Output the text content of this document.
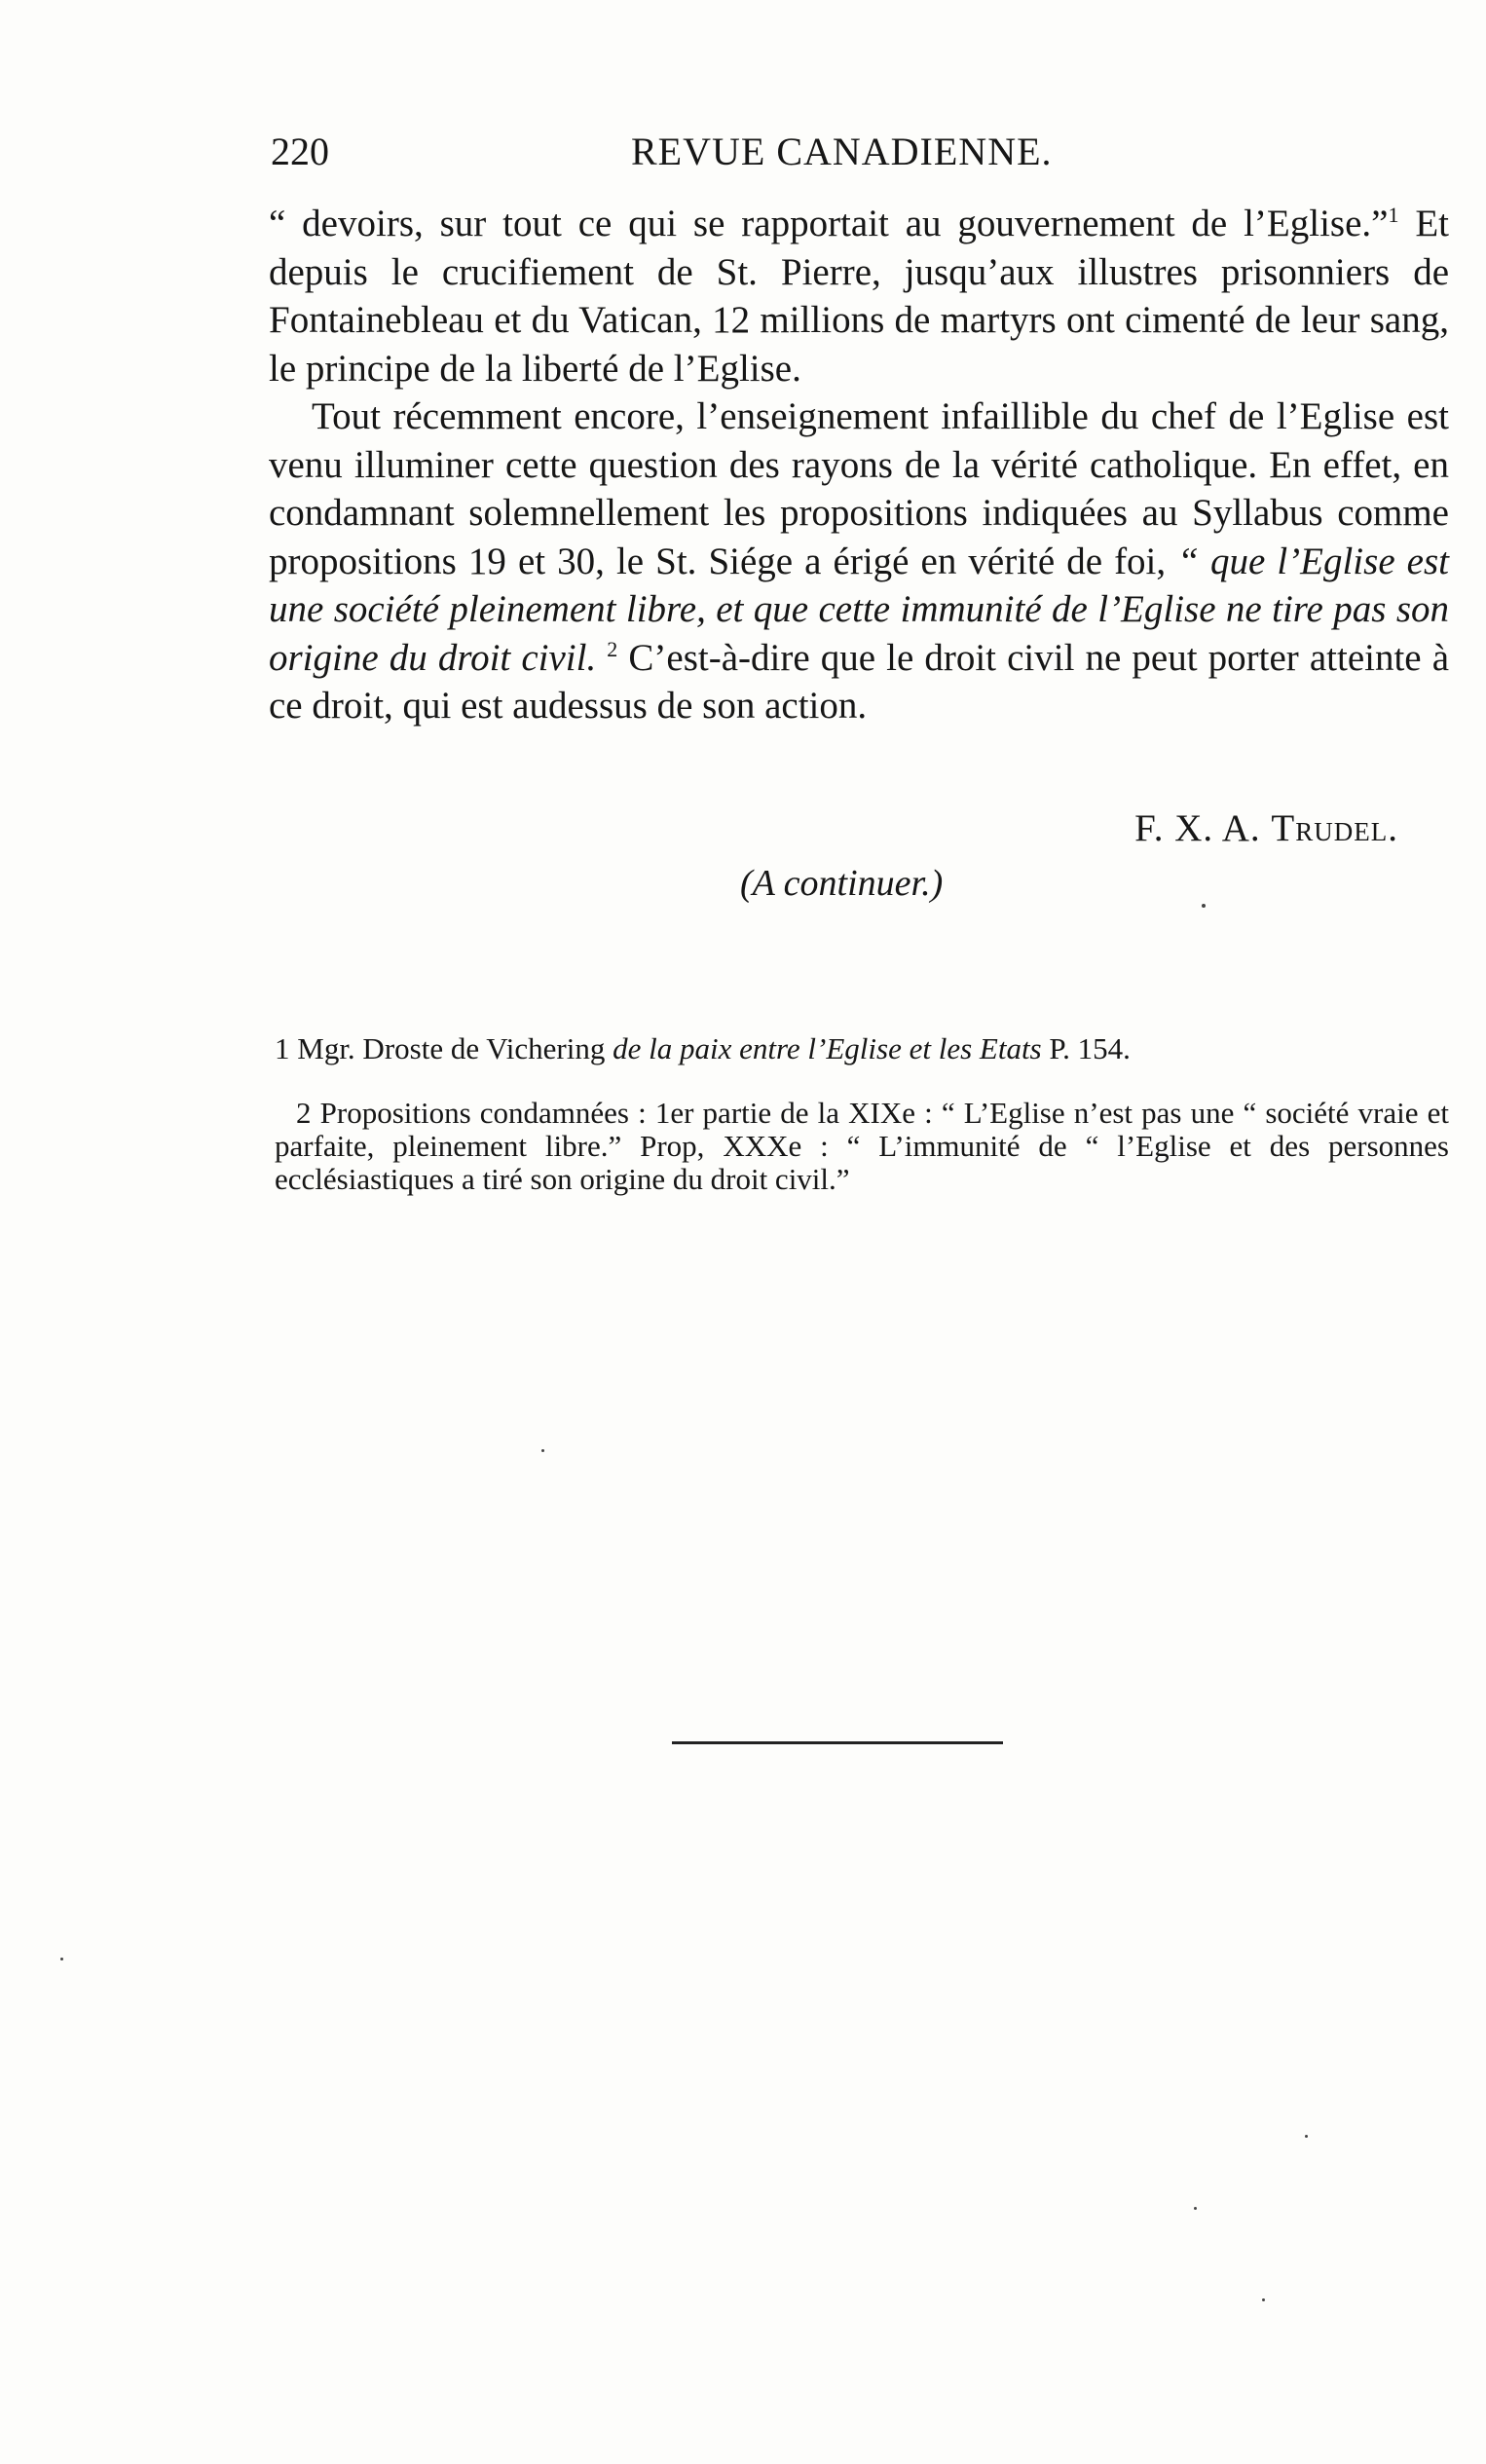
220	REVUE CANADIENNE.

“ devoirs, sur tout ce qui se rapportait au gouvernement de l’Eglise.”$^1$ Et depuis le crucifiement de St. Pierre, jusqu’aux illustres prisonniers de Fontainebleau et du Vatican, 12 millions de martyrs ont cimenté de leur sang, le principe de la liberté de l’Eglise.

Tout récemment encore, l’enseignement infaillible du chef de l’Eglise est venu illuminer cette question des rayons de la vérité catholique. En effet, en condamnant solemnellement les propositions indiquées au Syllabus comme propositions 19 et 30, le St. Siége a érigé en vérité de foi, “ que l’Eglise est une société pleinement libre, et que cette immunité de l’Eglise ne tire pas son origine du droit civil. $^2$ C’est-à-dire que le droit civil ne peut porter atteinte à ce droit, qui est audessus de son action.

F. X. A. Trudel.
(A continuer.)

1 Mgr. Droste de Vichering de la paix entre l’Eglise et les Etats P. 154.

2 Propositions condamnées : 1er partie de la XIXe : “ L’Eglise n’est pas une “ société vraie et parfaite, pleinement libre.” Prop, XXXe : “ L’immunité de “ l’Eglise et des personnes ecclésiastiques a tiré son origine du droit civil.”
